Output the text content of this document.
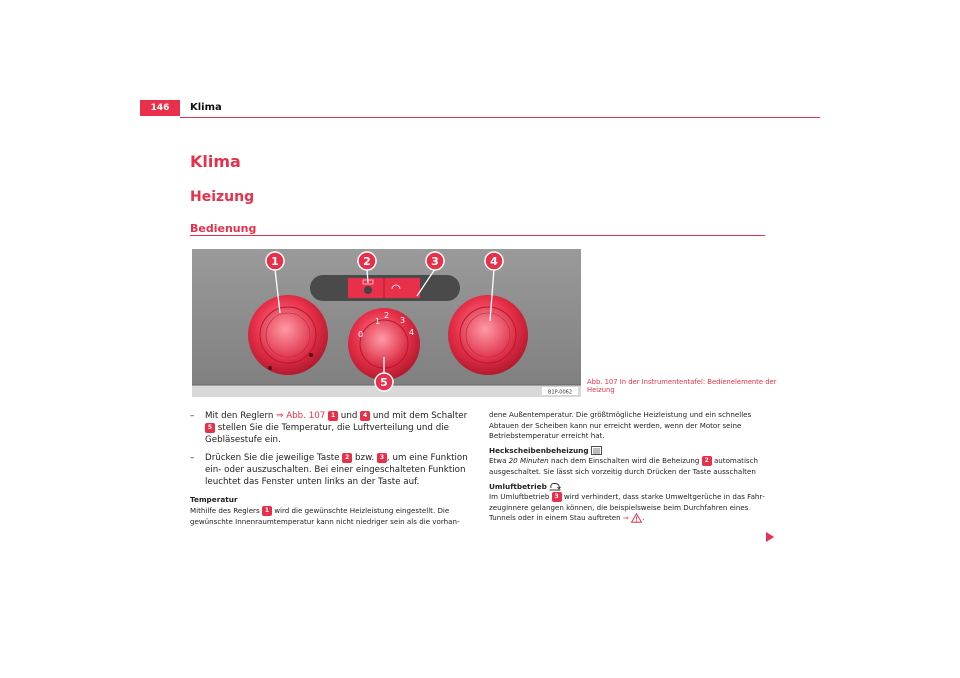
146	Klima
Klima
Heizung
Bedienung
0
1
2
3
4
1	2	3	4
5
B1P-0062
Abb. 107 In der Instrumententafel: Bedienelemente der Heizung
– Mit den Reglern ⇒ Abb. 107 1 und 4 und mit dem Schalter 5 stellen Sie die Temperatur, die Luftverteilung und die Gebläsestufe ein.
– Drücken Sie die jeweilige Taste 2 bzw. 3 , um eine Funktion ein- oder auszuschalten. Bei einer eingeschalteten Funktion leuchtet das Fenster unten links an der Taste auf.

Temperatur

Mithilfe des Reglers 1 wird die gewünschte Heizleistung eingestellt. Die gewünschte Innenraumtemperatur kann nicht niedriger sein als die vorhan-

dene Außentemperatur. Die größtmögliche Heizleistung und ein schnelles Abtauen der Scheiben kann nur erreicht werden, wenn der Motor seine Betriebstemperatur erreicht hat.

Heckscheibenbeheizung

Etwa 20 Minuten nach dem Einschalten wird die Beheizung 2 automatisch ausgeschaltet. Sie lässt sich vorzeitig durch Drücken der Taste ausschalten

Umluftbetrieb

Im Umluftbetrieb 3 wird verhindert, dass starke Umweltgerüche in das Fahrzeuginnere gelangen können, die beispielsweise beim Durchfahren eines Tunnels oder in einem Stau auftreten ⇒ .
